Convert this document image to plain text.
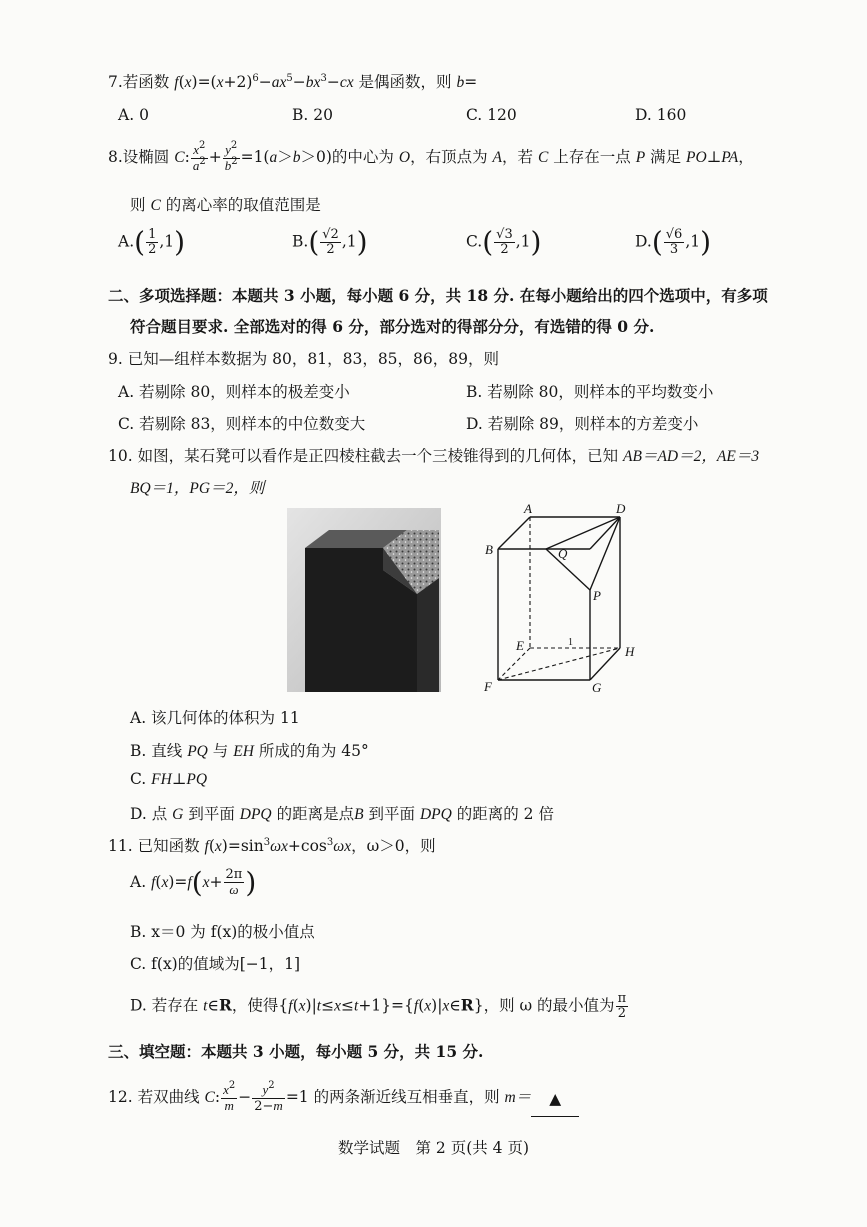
7.若函数 $f(x)=(x+2)^6-ax^5-bx^3-cx$ 是偶函数，则 b=
A. 0	B. 20	C. 120	D. 160
8.设椭圆 C: $\frac{x^2}{a^2} + \frac{y^2}{b^2} =1(a>b>0)$的中心为 O，右顶点为 A，若 C 上存在一点 P 满足 PO⊥PA，
则 C 的离心率的取值范围是
$A.( \frac{1}{2} ,1)$	$B.( \frac{√2}{2} ,1)$	$C.( \frac{√3}{2} ,1)$	$D.( \frac{√6}{3} ,1)$
二、多项选择题：本题共 3 小题，每小题 6 分，共 18 分. 在每小题给出的四个选项中，有多项
符合题目要求. 全部选对的得 6 分，部分选对的得部分分，有选错的得 0 分.
9. 已知—组样本数据为 80，81，83，85，86，89，则
A. 若剔除 80，则样本的极差变小	B. 若剔除 80，则样本的平均数变小
C. 若剔除 83，则样本的中位数变大	D. 若剔除 89，则样本的方差变小
10. 如图，某石凳可以看作是正四棱柱截去一个三棱锥得到的几何体，已知 AB＝AD＝2，AE＝3
BQ＝1，PG＝2，则
A	D
B	Q
P
E	1
H
F	G
A. 该几何体的体积为 11
B. 直线 PQ 与 EH 所成的角为 45°
C. FH⊥PQ
D. 点 G 到平面 DPQ 的距离是点B 到平面 DPQ 的距离的 2 倍
11. 已知函数 $f(x)=\sin^3\omega x+\cos^3\omega x$，ω＞0，则
A. $f(x)=f(x+ \frac{2\pi}{\omega}$ )
B. x＝0 为 f(x)的极小值点
C. f(x)的值域为[−1，1]
D. 若存在 t∈R，使得{f(x)|t≤x≤t+1}={f(x)|x∈R}，则 ω 的最小值为 $\frac{\pi}{2}$
三、填空题：本题共 3 小题，每小题 5 分，共 15 分.
12. 若双曲线 C: $\frac{x^2}{m} - \frac{y^2}{2-m} =1$ 的两条渐近线互相垂直，则 m＝ ▲
数学试题　第 2 页(共 4 页)
